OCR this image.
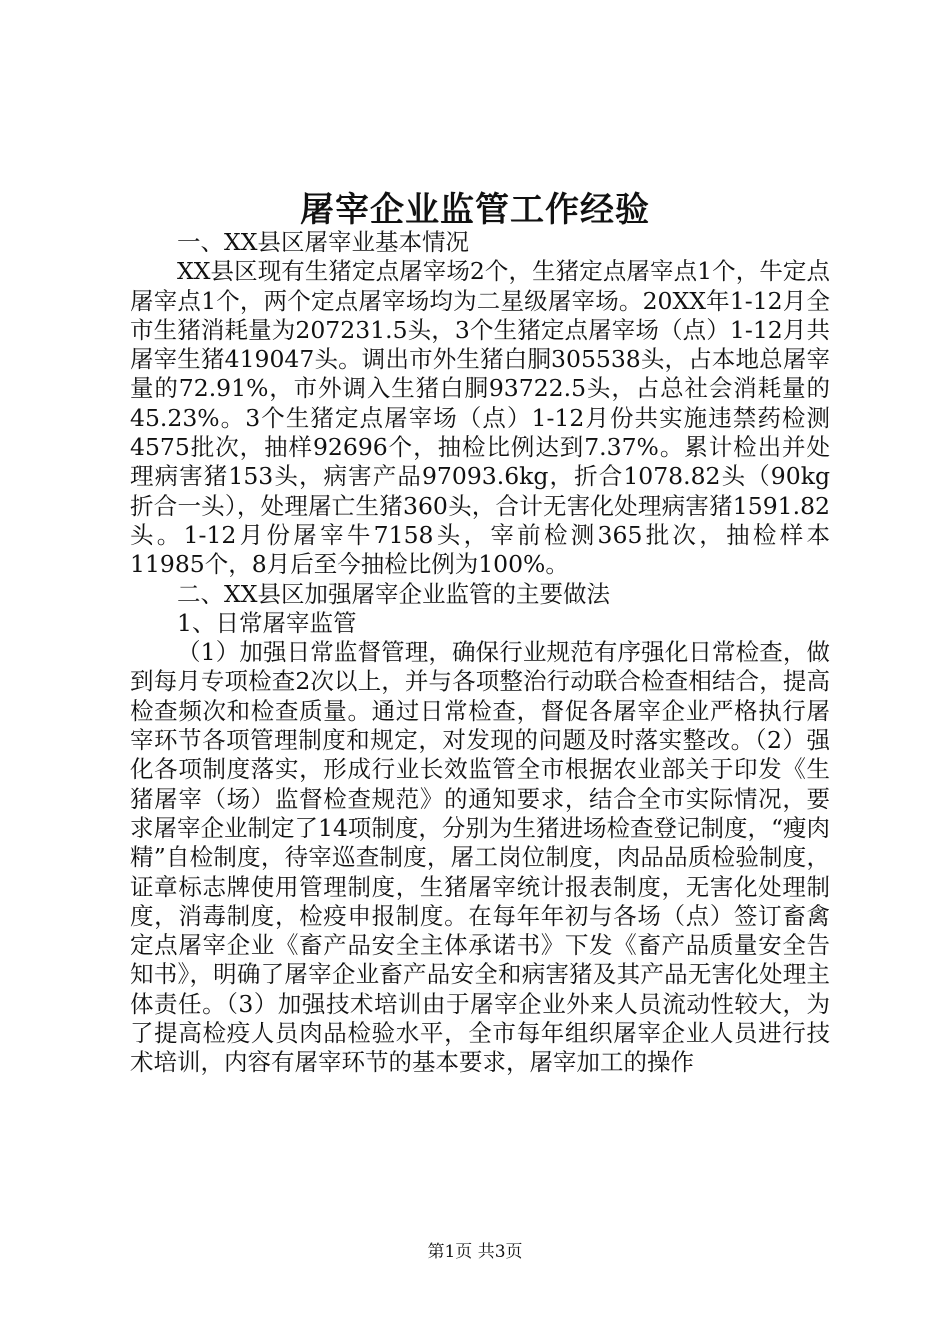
屠宰企业监管工作经验

一、XX县区屠宰业基本情况

XX县区现有生猪定点屠宰场2个，生猪定点屠宰点1个，牛定点屠宰点1个，两个定点屠宰场均为二星级屠宰场。20XX年1-12月全市生猪消耗量为207231.5头，3个生猪定点屠宰场（点）1-12月共屠宰生猪419047头。调出市外生猪白胴305538头，占本地总屠宰量的72.91%，市外调入生猪白胴93722.5头，占总社会消耗量的45.23%。3个生猪定点屠宰场（点）1-12月份共实施违禁药检测4575批次，抽样92696个，抽检比例达到7.37%。累计检出并处理病害猪153头，病害产品97093.6kg，折合1078.82头（90kg折合一头），处理屠亡生猪360头，合计无害化处理病害猪1591.82头。1-12月份屠宰牛7158头，宰前检测365批次，抽检样本11985个，8月后至今抽检比例为100%。

二、XX县区加强屠宰企业监管的主要做法

1、日常屠宰监管

（1）加强日常监督管理，确保行业规范有序强化日常检查，做到每月专项检查2次以上，并与各项整治行动联合检查相结合，提高检查频次和检查质量。通过日常检查，督促各屠宰企业严格执行屠宰环节各项管理制度和规定，对发现的问题及时落实整改。（2）强化各项制度落实，形成行业长效监管全市根据农业部关于印发《生猪屠宰（场）监督检查规范》的通知要求，结合全市实际情况，要求屠宰企业制定了14项制度，分别为生猪进场检查登记制度，“瘦肉精”自检制度，待宰巡查制度，屠工岗位制度，肉品品质检验制度，证章标志牌使用管理制度，生猪屠宰统计报表制度，无害化处理制度，消毒制度，检疫申报制度。在每年年初与各场（点）签订畜禽定点屠宰企业《畜产品安全主体承诺书》下发《畜产品质量安全告知书》，明确了屠宰企业畜产品安全和病害猪及其产品无害化处理主体责任。（3）加强技术培训由于屠宰企业外来人员流动性较大，为了提高检疫人员肉品检验水平，全市每年组织屠宰企业人员进行技术培训，内容有屠宰环节的基本要求，屠宰加工的操作

第1页 共3页
